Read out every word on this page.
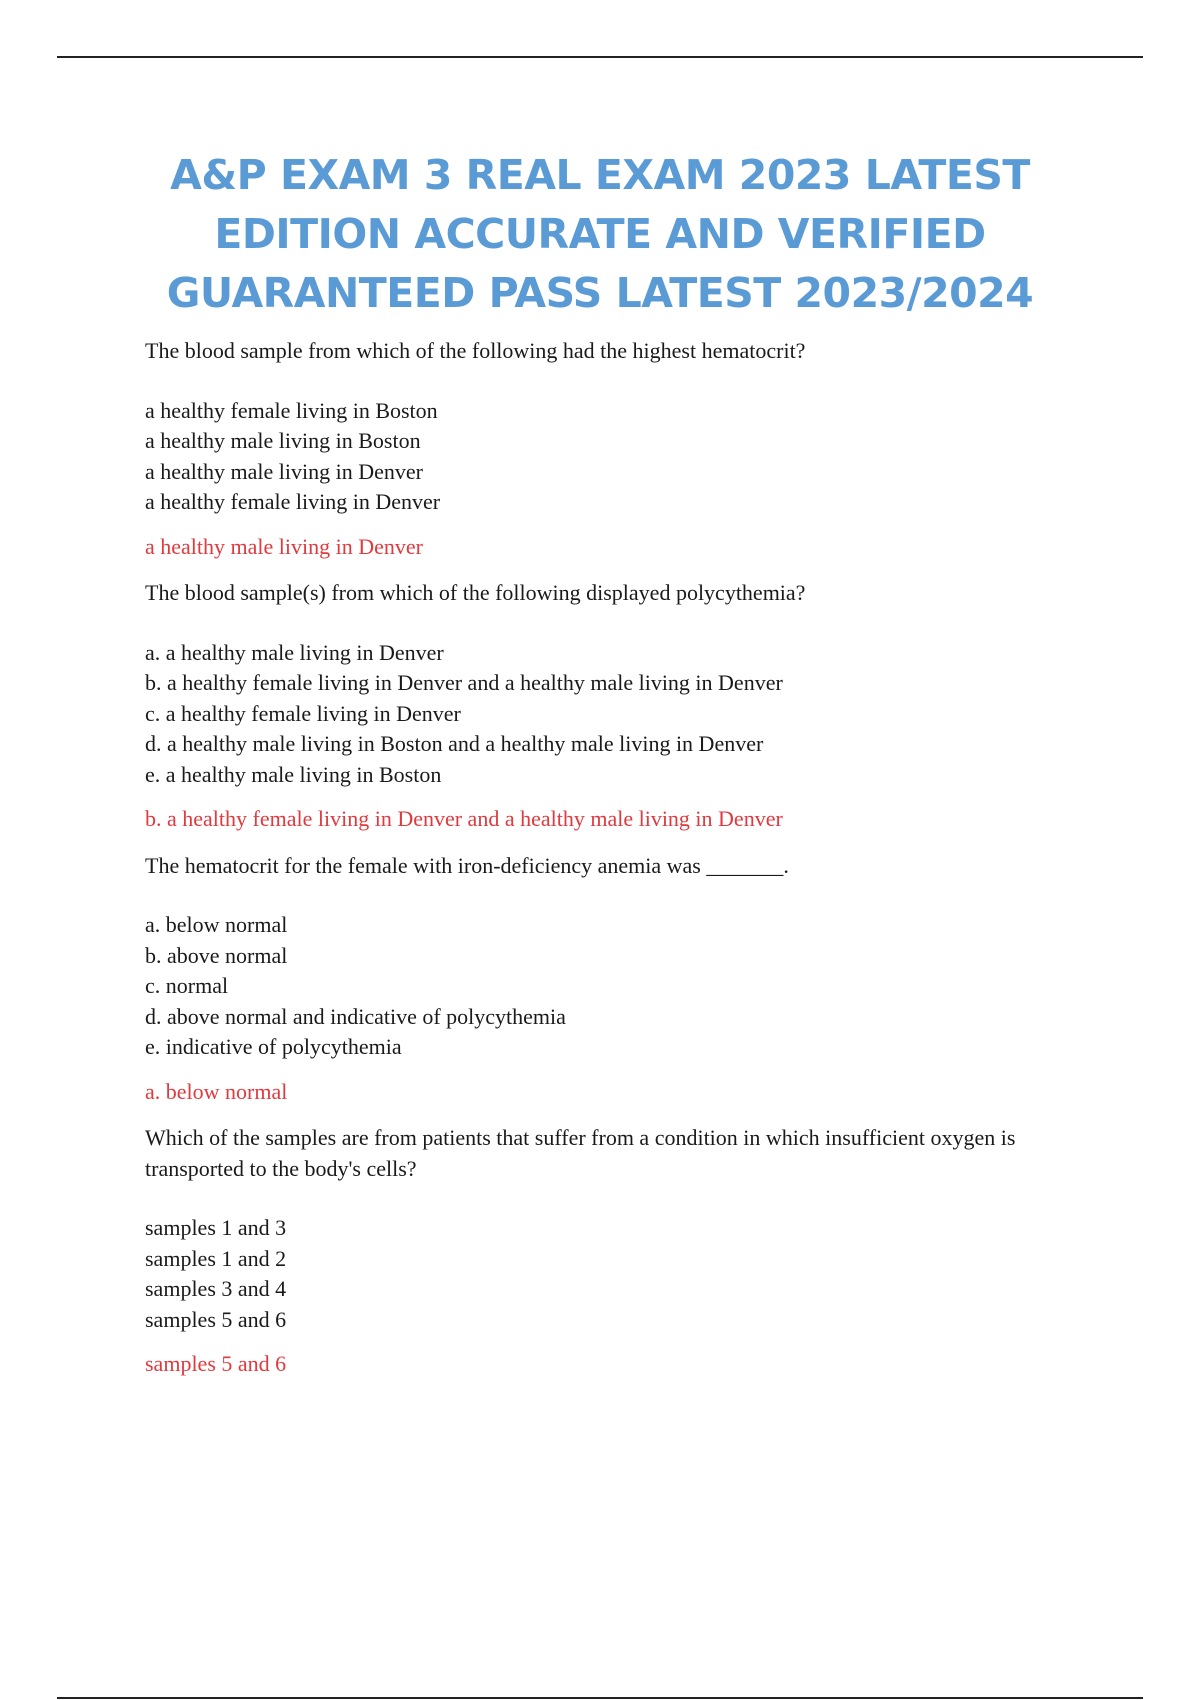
A&P EXAM 3 REAL EXAM 2023 LATEST EDITION ACCURATE AND VERIFIED GUARANTEED PASS LATEST 2023/2024

The blood sample from which of the following had the highest hematocrit?

a healthy female living in Boston
a healthy male living in Boston
a healthy male living in Denver
a healthy female living in Denver

a healthy male living in Denver

The blood sample(s) from which of the following displayed polycythemia?

a. a healthy male living in Denver
b. a healthy female living in Denver and a healthy male living in Denver
c. a healthy female living in Denver
d. a healthy male living in Boston and a healthy male living in Denver
e. a healthy male living in Boston

b. a healthy female living in Denver and a healthy male living in Denver

The hematocrit for the female with iron-deficiency anemia was _______.

a. below normal
b. above normal
c. normal
d. above normal and indicative of polycythemia
e. indicative of polycythemia

a. below normal

Which of the samples are from patients that suffer from a condition in which insufficient oxygen is transported to the body's cells?

samples 1 and 3
samples 1 and 2
samples 3 and 4
samples 5 and 6

samples 5 and 6
